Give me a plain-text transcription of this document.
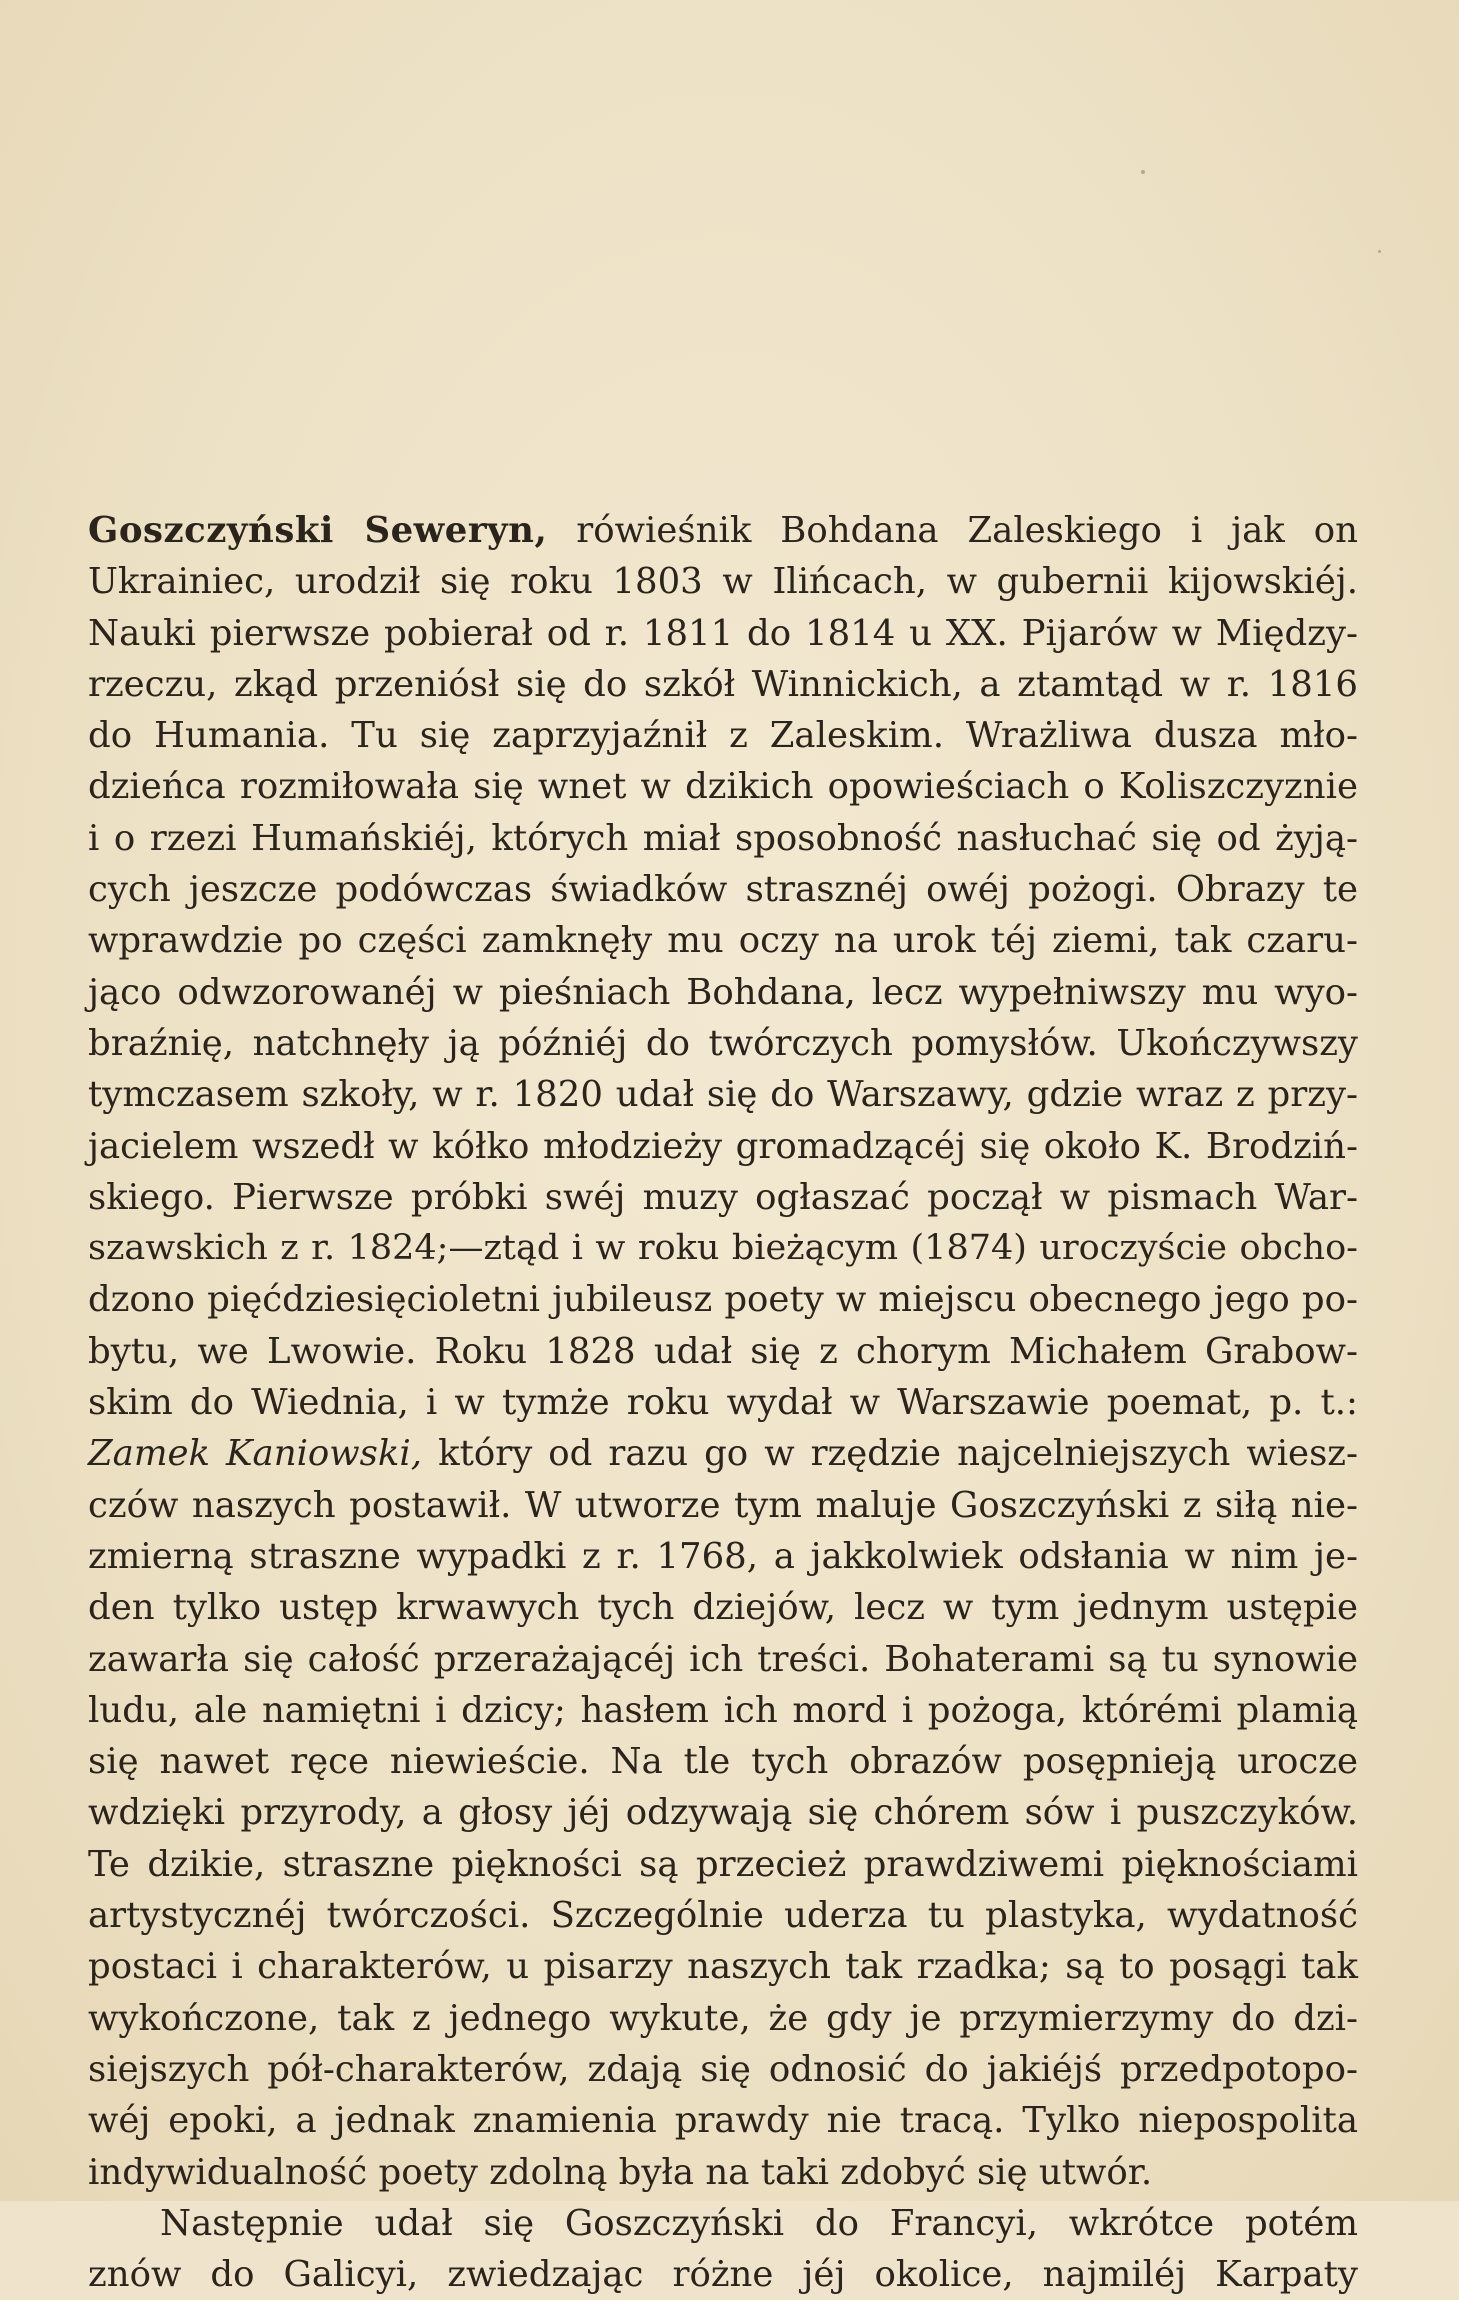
Goszczyński Seweryn, rówieśnik Bohdana Zaleskiego i jak on
Ukrainiec, urodził się roku 1803 w Ilińcach, w gubernii kijowskiéj.
Nauki pierwsze pobierał od r. 1811 do 1814 u XX. Pijarów w Między-
rzeczu, zkąd przeniósł się do szkół Winnickich, a ztamtąd w r. 1816
do Humania. Tu się zaprzyjaźnił z Zaleskim. Wrażliwa dusza mło-
dzieńca rozmiłowała się wnet w dzikich opowieściach o Koliszczyznie
i o rzezi Humańskiéj, których miał sposobność nasłuchać się od żyją-
cych jeszcze podówczas świadków strasznéj owéj pożogi. Obrazy te
wprawdzie po części zamknęły mu oczy na urok téj ziemi, tak czaru-
jąco odwzorowanéj w pieśniach Bohdana, lecz wypełniwszy mu wyo-
braźnię, natchnęły ją późniéj do twórczych pomysłów. Ukończywszy
tymczasem szkoły, w r. 1820 udał się do Warszawy, gdzie wraz z przy-
jacielem wszedł w kółko młodzieży gromadzącéj się około K. Brodziń-
skiego. Pierwsze próbki swéj muzy ogłaszać począł w pismach War-
szawskich z r. 1824;—ztąd i w roku bieżącym (1874) uroczyście obcho-
dzono pięćdziesięcioletni jubileusz poety w miejscu obecnego jego po-
bytu, we Lwowie. Roku 1828 udał się z chorym Michałem Grabow-
skim do Wiednia, i w tymże roku wydał w Warszawie poemat, p. t.:
Zamek Kaniowski, który od razu go w rzędzie najcelniejszych wiesz-
czów naszych postawił. W utworze tym maluje Goszczyński z siłą nie-
zmierną straszne wypadki z r. 1768, a jakkolwiek odsłania w nim je-
den tylko ustęp krwawych tych dziejów, lecz w tym jednym ustępie
zawarła się całość przerażającéj ich treści. Bohaterami są tu synowie
ludu, ale namiętni i dzicy; hasłem ich mord i pożoga, którémi plamią
się nawet ręce niewieście. Na tle tych obrazów posępnieją urocze
wdzięki przyrody, a głosy jéj odzywają się chórem sów i puszczyków.
Te dzikie, straszne piękności są przecież prawdziwemi pięknościami
artystycznéj twórczości. Szczególnie uderza tu plastyka, wydatność
postaci i charakterów, u pisarzy naszych tak rzadka; są to posągi tak
wykończone, tak z jednego wykute, że gdy je przymierzymy do dzi-
siejszych pół-charakterów, zdają się odnosić do jakiéjś przedpotopo-
wéj epoki, a jednak znamienia prawdy nie tracą. Tylko niepospolita
indywidualność poety zdolną była na taki zdobyć się utwór.
Następnie udał się Goszczyński do Francyi, wkrótce potém
znów do Galicyi, zwiedzając różne jéj okolice, najmiléj Karpaty
